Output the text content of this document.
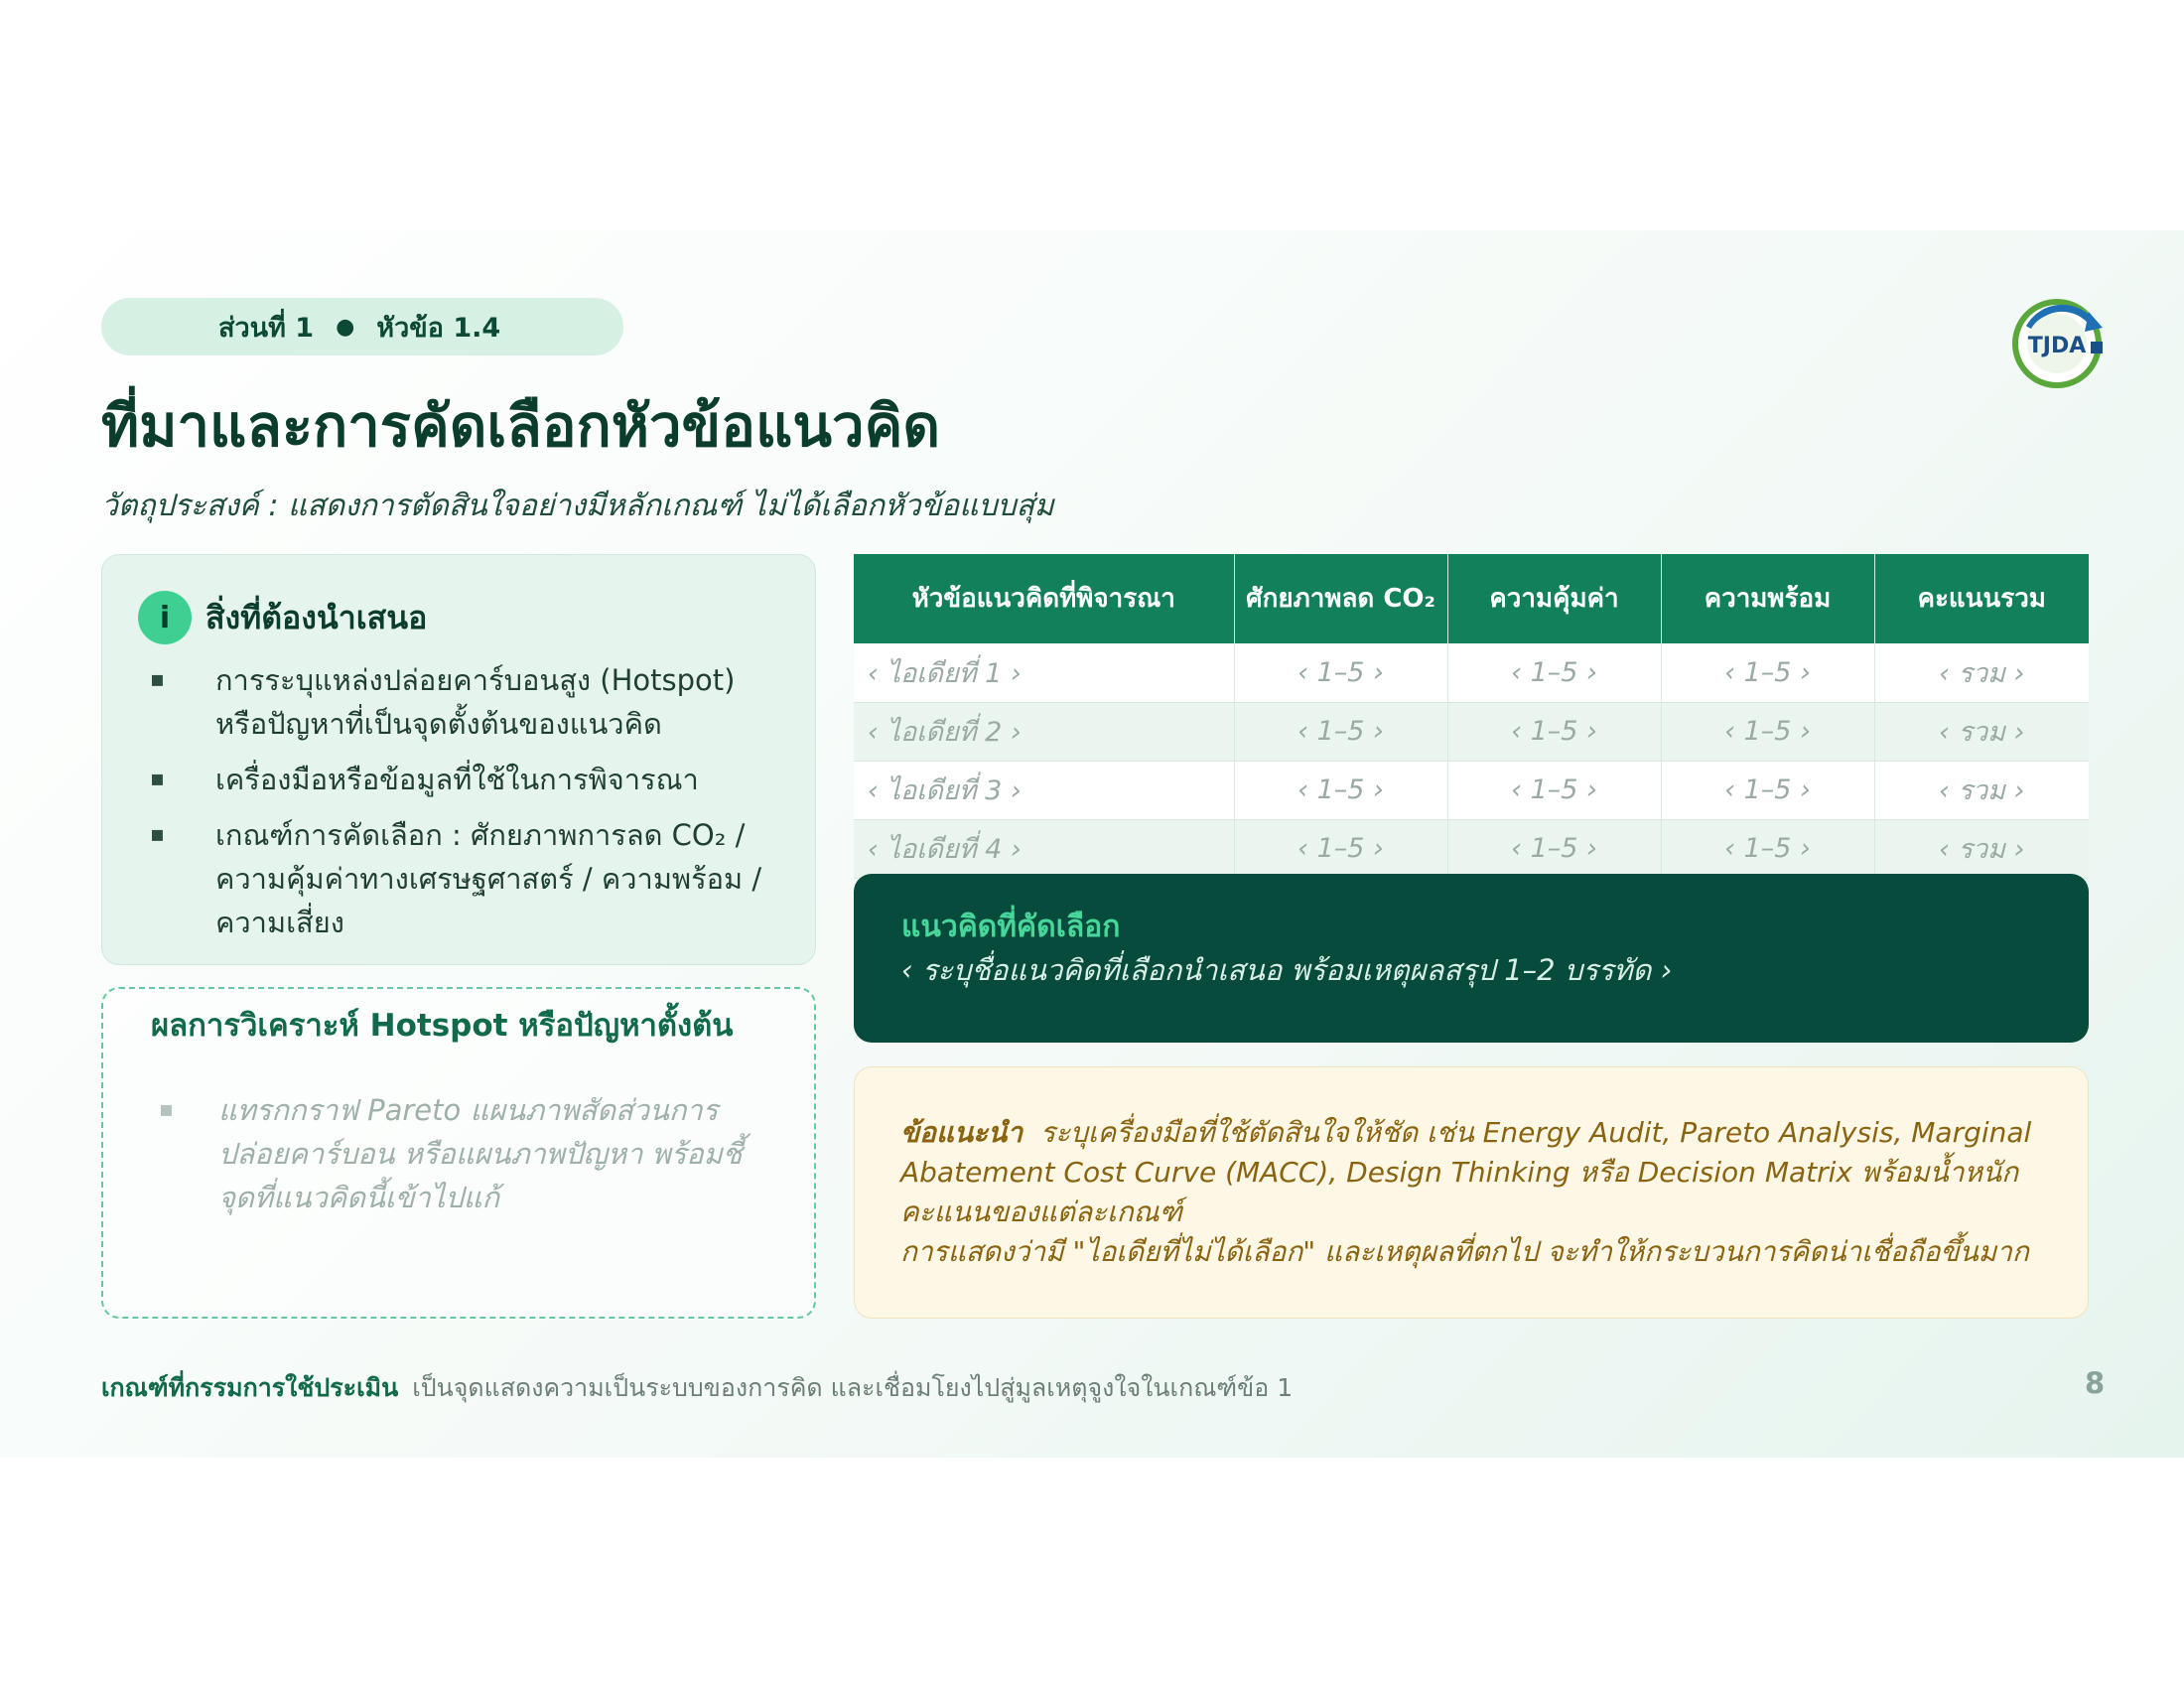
ส่วนที่ 1 ● หัวข้อ 1.4
TJDA
ที่มาและการคัดเลือกหัวข้อแนวคิด
วัตถุประสงค์ : แสดงการตัดสินใจอย่างมีหลักเกณฑ์ ไม่ได้เลือกหัวข้อแบบสุ่ม
i	สิ่งที่ต้องนำเสนอ
▪ การระบุแหล่งปล่อยคาร์บอนสูง (Hotspot) หรือปัญหาที่เป็นจุดตั้งต้นของแนวคิด
▪ เครื่องมือหรือข้อมูลที่ใช้ในการพิจารณา
▪ เกณฑ์การคัดเลือก : ศักยภาพการลด CO₂ / ความคุ้มค่าทางเศรษฐศาสตร์ / ความพร้อม / ความเสี่ยง
ผลการวิเคราะห์ Hotspot หรือปัญหาตั้งต้น
▪ แทรกกราฟ Pareto แผนภาพสัดส่วนการปล่อยคาร์บอน หรือแผนภาพปัญหา พร้อมชี้จุดที่แนวคิดนี้เข้าไปแก้
หัวข้อแนวคิดที่พิจารณา	ศักยภาพลด CO₂	ความคุ้มค่า	ความพร้อม	คะแนนรวม
‹ ไอเดียที่ 1 ›	‹ 1–5 ›	‹ 1–5 ›	‹ 1–5 ›	‹ รวม ›
‹ ไอเดียที่ 2 ›	‹ 1–5 ›	‹ 1–5 ›	‹ 1–5 ›	‹ รวม ›
‹ ไอเดียที่ 3 ›	‹ 1–5 ›	‹ 1–5 ›	‹ 1–5 ›	‹ รวม ›
‹ ไอเดียที่ 4 ›	‹ 1–5 ›	‹ 1–5 ›	‹ 1–5 ›	‹ รวม ›
แนวคิดที่คัดเลือก
‹ ระบุชื่อแนวคิดที่เลือกนำเสนอ พร้อมเหตุผลสรุป 1–2 บรรทัด ›
ข้อแนะนำ ระบุเครื่องมือที่ใช้ตัดสินใจให้ชัด เช่น Energy Audit, Pareto Analysis, Marginal Abatement Cost Curve (MACC), Design Thinking หรือ Decision Matrix พร้อมน้ำหนักคะแนนของแต่ละเกณฑ์
การแสดงว่ามี "ไอเดียที่ไม่ได้เลือก" และเหตุผลที่ตกไป จะทำให้กระบวนการคิดน่าเชื่อถือขึ้นมาก
เกณฑ์ที่กรรมการใช้ประเมิน เป็นจุดแสดงความเป็นระบบของการคิด และเชื่อมโยงไปสู่มูลเหตุจูงใจในเกณฑ์ข้อ 1	8
